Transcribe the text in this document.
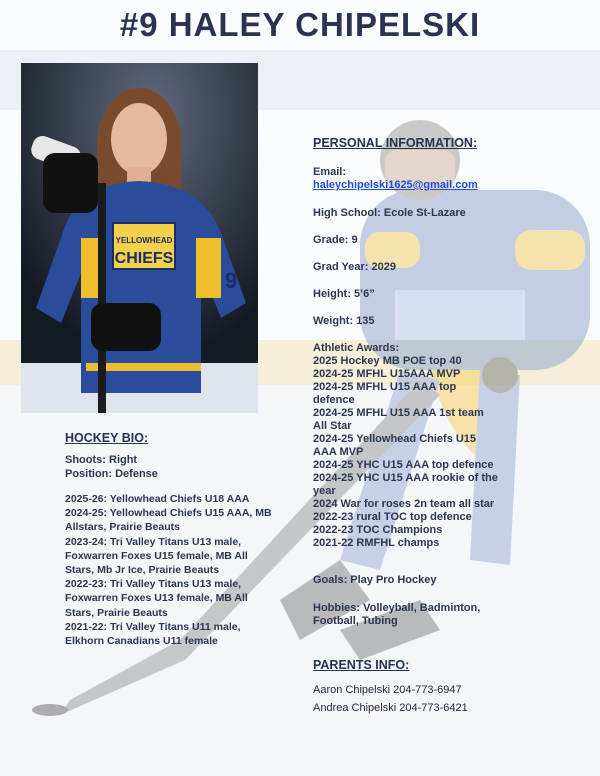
#9 HALEY CHIPELSKI
YELLOWHEAD
CHIEFS
9
PERSONAL INFORMATION:
Email:
haleychipelski1625@gmail.com
High School: Ecole St-Lazare
Grade: 9
Grad Year: 2029
Height: 5’6”
Weight: 135
Athletic Awards:
2025 Hockey MB POE top 40
2024-25 MFHL U15AAA MVP
2024-25 MFHL U15 AAA top
defence
2024-25 MFHL U15 AAA 1st team
All Star
2024-25 Yellowhead Chiefs U15
AAA MVP
2024-25 YHC U15 AAA top defence
2024-25 YHC U15 AAA rookie of the
year
2024 War for roses 2n team all star
2022-23 rural TOC top defence
2022-23 TOC Champions
2021-22 RMFHL champs
Goals: Play Pro Hockey
Hobbies: Volleyball, Badminton,
Football, Tubing
PARENTS INFO:
Aaron Chipelski 204-773-6947
Andrea Chipelski 204-773-6421
HOCKEY BIO:
Shoots: Right
Position: Defense
2025-26: Yellowhead Chiefs U18 AAA
2024-25: Yellowhead Chiefs U15 AAA, MB
Allstars, Prairie Beauts
2023-24: Tri Valley Titans U13 male,
Foxwarren Foxes U15 female, MB All
Stars, Mb Jr Ice, Prairie Beauts
2022-23: Tri Valley Titans U13 male,
Foxwarren Foxes U13 female, MB All
Stars, Prairie Beauts
2021-22: Tri Valley Titans U11 male,
Elkhorn Canadians U11 female
